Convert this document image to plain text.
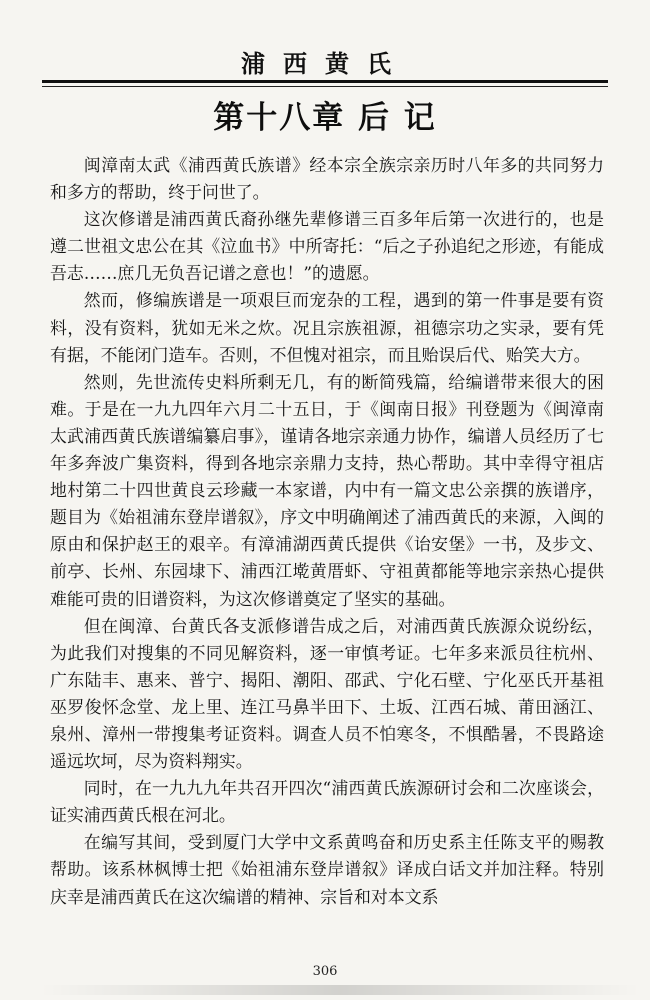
浦西黄氏
第十八章 后 记

闽漳南太武《浦西黄氏族谱》经本宗全族宗亲历时八年多的共同努力和多方的帮助，终于问世了。

这次修谱是浦西黄氏裔孙继先辈修谱三百多年后第一次进行的，也是遵二世祖文忠公在其《泣血书》中所寄托：“后之子孙追纪之形迹，有能成吾志……庶几无负吾记谱之意也！”的遗愿。

然而，修编族谱是一项艰巨而宠杂的工程，遇到的第一件事是要有资料，没有资料，犹如无米之炊。况且宗族祖源，祖德宗功之实录，要有凭有据，不能闭门造车。否则，不但愧对祖宗，而且贻误后代、贻笑大方。

然则，先世流传史料所剩无几，有的断简残篇，给编谱带来很大的困难。于是在一九九四年六月二十五日，于《闽南日报》刊登题为《闽漳南太武浦西黄氏族谱编纂启事》，谨请各地宗亲通力协作，编谱人员经历了七年多奔波广集资料，得到各地宗亲鼎力支持，热心帮助。其中幸得守祖店地村第二十四世黄良云珍藏一本家谱，内中有一篇文忠公亲撰的族谱序，题目为《始祖浦东登岸谱叙》，序文中明确阐述了浦西黄氏的来源，入闽的原由和保护赵王的艰辛。有漳浦湖西黄氏提供《诒安堡》一书，及步文、前亭、长州、东园埭下、浦西江墘黄厝虾、守祖黄都能等地宗亲热心提供难能可贵的旧谱资料，为这次修谱奠定了坚实的基础。

但在闽漳、台黄氏各支派修谱告成之后，对浦西黄氏族源众说纷纭，为此我们对搜集的不同见解资料，逐一审慎考证。七年多来派员往杭州、广东陆丰、惠来、普宁、揭阳、潮阳、邵武、宁化石壁、宁化巫氏开基祖 巫罗俊怀念堂、龙上里、连江马鼻半田下、土坂、江西石城、莆田涵江、泉州、漳州一带搜集考证资料。调查人员不怕寒冬，不惧酷暑，不畏路途遥远坎坷，尽为资料翔实。

同时，在一九九九年共召开四次“浦西黄氏族源研讨会和二次座谈会，证实浦西黄氏根在河北。

在编写其间，受到厦门大学中文系黄鸣奋和历史系主任陈支平的赐教帮助。该系林枫博士把《始祖浦东登岸谱叙》译成白话文并加注释。特别庆幸是浦西黄氏在这次编谱的精神、宗旨和对本文系

306
